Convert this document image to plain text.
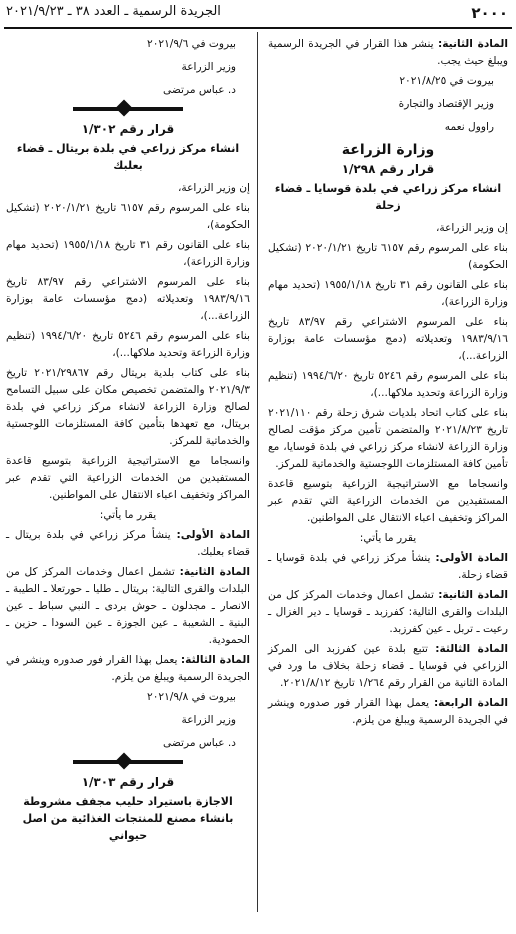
٢٠٠٠
الجريدة الرسمية ـ العدد ٣٨ ـ ٢٠٢١/٩/٢٣

المادة الثانية: ينشر هذا القرار في الجريدة الرسمية ويبلغ حيث يجب.

بيروت في ٢٠٢١/٨/٢٥
وزير الإقتصاد والتجارة
راوول نعمه
وزارة الزراعة
قرار رقم ١/٢٩٨
انشاء مركز زراعي في بلدة قوسايا ـ قضاء زحلة

إن وزير الزراعة،

بناء على المرسوم رقم ٦١٥٧ تاريخ ٢٠٢٠/١/٢١ (تشكيل الحكومة)

بناء على القانون رقم ٣١ تاريخ ١٩٥٥/١/١٨ (تحديد مهام وزارة الزراعة)،

بناء على المرسوم الاشتراعي رقم ٨٣/٩٧ تاريخ ١٩٨٣/٩/١٦ وتعديلاته (دمج مؤسسات عامة بوزارة الزراعة...)،

بناء على المرسوم رقم ٥٢٤٦ تاريخ ١٩٩٤/٦/٢٠ (تنظيم وزارة الزراعة وتحديد ملاكها...)،

بناء على كتاب اتحاد بلديات شرق زحلة رقم ٢٠٢١/١١٠ تاريخ ٢٠٢١/٨/٢٣ والمتضمن تأمين مركز مؤقت لصالح وزارة الزراعة لانشاء مركز زراعي في بلدة قوسايا، مع تأمين كافة المستلزمات اللوجستية والخدماتية للمركز.

وانسجاما مع الاستراتيجية الزراعية بتوسيع قاعدة المستفيدين من الخدمات الزراعية التي تقدم عبر المراكز وتخفيف اعباء الانتقال على المواطنين.

يقرر ما يأتي:

المادة الأولى: ينشأ مركز زراعي في بلدة قوسايا ـ قضاء زحلة.

المادة الثانية: تشمل اعمال وخدمات المركز كل من البلدات والقرى التالية: كفرزبد ـ قوسايا ـ دير الغزال ـ رعيت ـ تربل ـ عين كفرزبد.

المادة الثالثة: تتبع بلدة عين كفرزبد الى المركز الزراعي في قوسايا ـ قضاء زحلة بخلاف ما ورد في المادة الثانية من القرار رقم ١/٢٦٤ تاريخ ٢٠٢١/٨/١٢.

المادة الرابعة: يعمل بهذا القرار فور صدوره وينشر في الجريدة الرسمية ويبلغ من يلزم.

بيروت في ٢٠٢١/٩/٦
وزير الزراعة
د. عباس مرتضى
قرار رقم ١/٣٠٢
انشاء مركز زراعي في بلدة بريتال ـ قضاء بعلبك

إن وزير الزراعة،

بناء على المرسوم رقم ٦١٥٧ تاريخ ٢٠٢٠/١/٢١ (تشكيل الحكومة)،

بناء على القانون رقم ٣١ تاريخ ١٩٥٥/١/١٨ (تحديد مهام وزارة الزراعة)،

بناء على المرسوم الاشتراعي رقم ٨٣/٩٧ تاريخ ١٩٨٣/٩/١٦ وتعديلاته (دمج مؤسسات عامة بوزارة الزراعة...)،

بناء على المرسوم رقم ٥٢٤٦ تاريخ ١٩٩٤/٦/٢٠ (تنظيم وزارة الزراعة وتحديد ملاكها...)،

بناء على كتاب بلدية بريتال رقم ٢٠٢١/٢٩٨٦٧ تاريخ ٢٠٢١/٩/٣ والمتضمن تخصيص مكان على سبيل التسامح لصالح وزارة الزراعة لانشاء مركز زراعي في بلدة بريتال، مع تعهدها بتأمين كافة المستلزمات اللوجستية والخدماتية للمركز.

وانسجاما مع الاستراتيجية الزراعية بتوسيع قاعدة المستفيدين من الخدمات الزراعية التي تقدم عبر المراكز وتخفيف اعباء الانتقال على المواطنين.

يقرر ما يأتي:

المادة الأولى: ينشأ مركز زراعي في بلدة بريتال ـ قضاء بعلبك.

المادة الثانية: تشمل اعمال وخدمات المركز كل من البلدات والقرى التالية: بريتال ـ طليا ـ حورتعلا ـ الطيبة ـ الانصار ـ مجدلون ـ حوش بردى ـ النبي سباط ـ عين البنية ـ الشعيبة ـ عين الجوزة ـ عين السودا ـ حزين ـ الحمودية.

المادة الثالثة: يعمل بهذا القرار فور صدوره وينشر في الجريدة الرسمية ويبلغ من يلزم.

بيروت في ٢٠٢١/٩/٨
وزير الزراعة
د. عباس مرتضى
قرار رقم ١/٣٠٣
الاجازة باستيراد حليب مجفف مشروطة بانشاء مصنع للمنتجات الغذائية من اصل حيواني
